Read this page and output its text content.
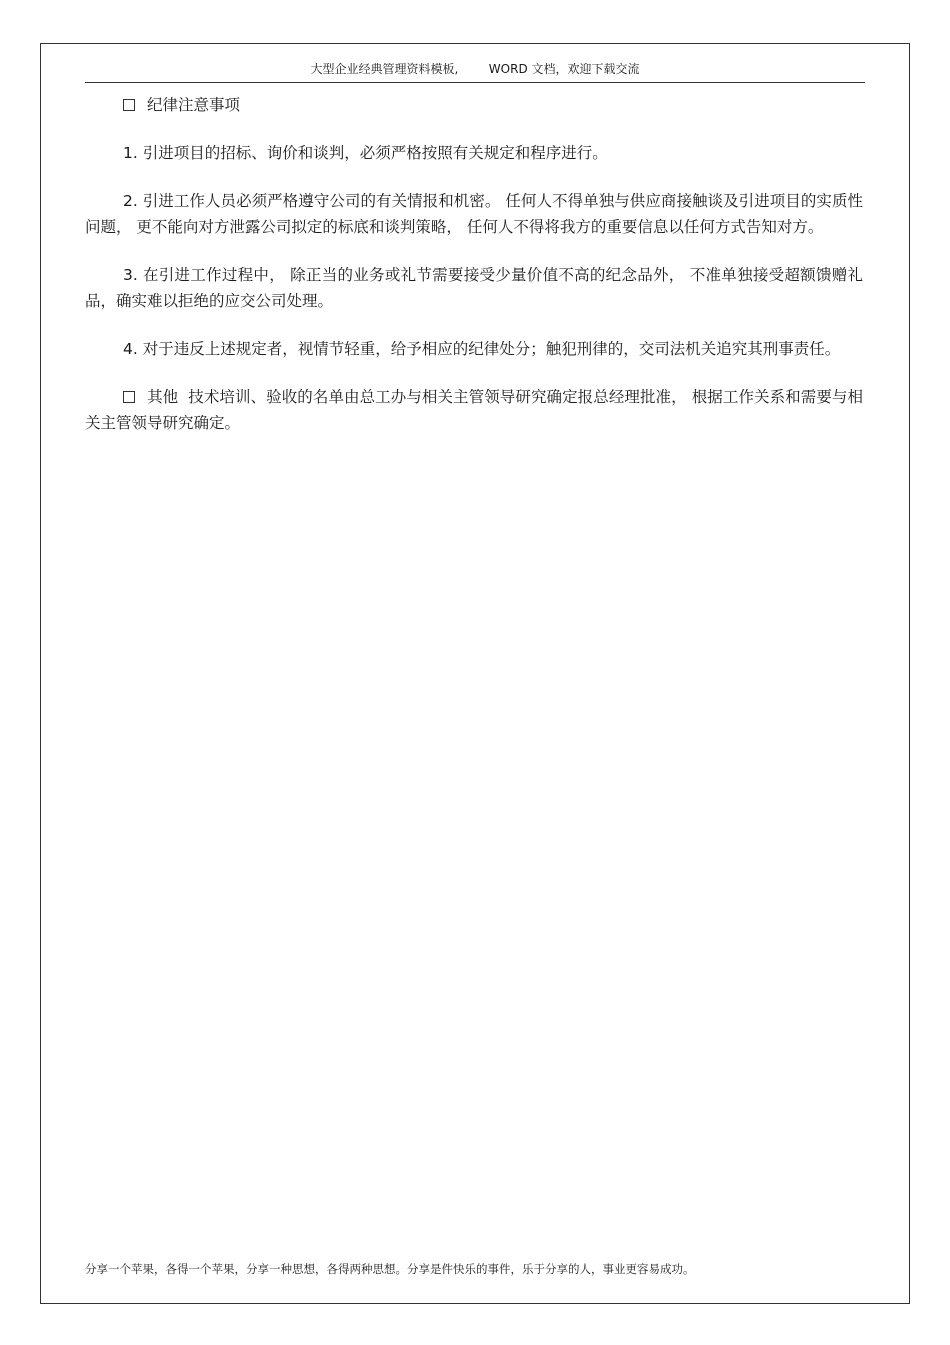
大型企业经典管理资料模板,        WORD 文档，欢迎下载交流
纪律注意事项

1. 引进项目的招标、询价和谈判，必须严格按照有关规定和程序进行。

2. 引进工作人员必须严格遵守公司的有关情报和机密。 任何人不得单独与供应商接触谈及引进项目的实质性问题， 更不能向对方泄露公司拟定的标底和谈判策略， 任何人不得将我方的重要信息以任何方式告知对方。

3. 在引进工作过程中， 除正当的业务或礼节需要接受少量价值不高的纪念品外， 不准单独接受超额馈赠礼品，确实难以拒绝的应交公司处理。

4. 对于违反上述规定者，视情节轻重，给予相应的纪律处分；触犯刑律的，交司法机关追究其刑事责任。

其他 技术培训、验收的名单由总工办与相关主管领导研究确定报总经理批准， 根据工作关系和需要与相关主管领导研究确定。

分享一个苹果，各得一个苹果，分享一种思想，各得两种思想。分享是件快乐的事件，乐于分享的人，事业更容易成功。
